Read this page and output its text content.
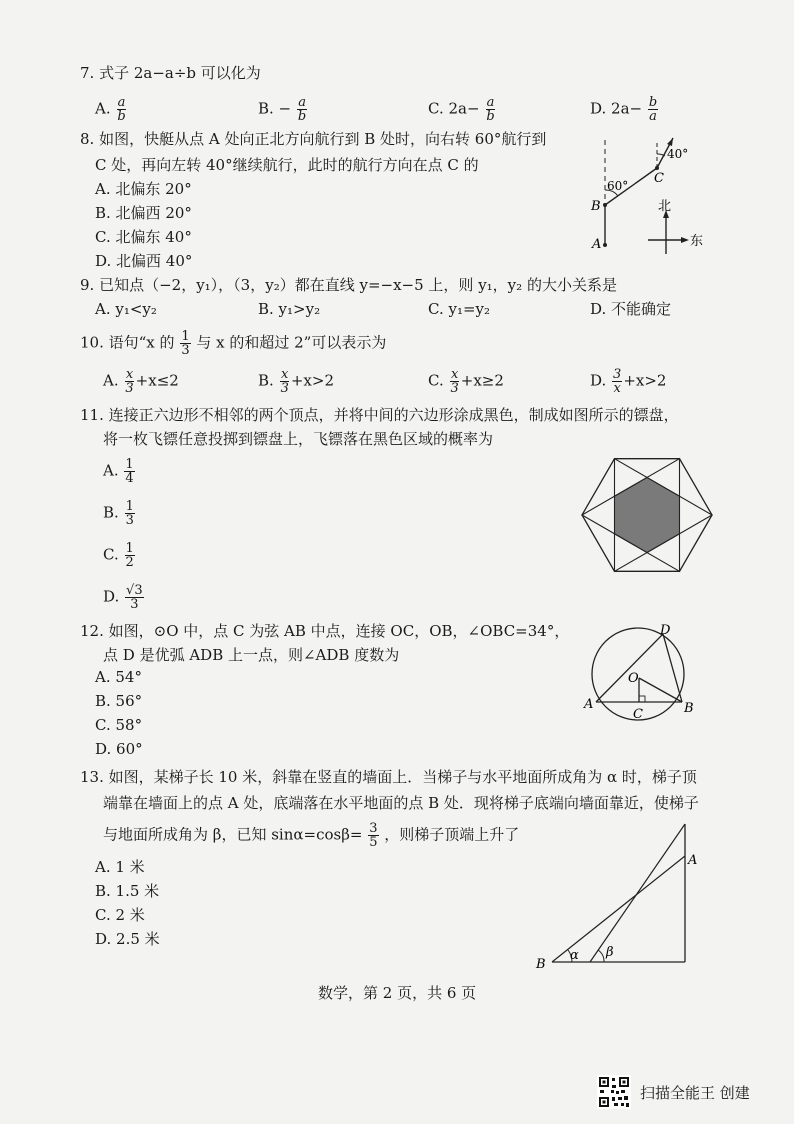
7. 式子 2a−a÷b 可以化为
A. $\frac{a}{b}$	B. − $\frac{a}{b}$	C. $2a- \frac{a}{b}$	D. $2a- \frac{b}{a}$
8. 如图，快艇从点 A 处向正北方向航行到 B 处时，向右转 60°航行到
C 处，再向左转 40°继续航行，此时的航行方向在点 C 的
A. 北偏东 20°
B. 北偏西 20°
C. 北偏东 40°
D. 北偏西 40°
A
B
C
60°
40°
北
东
9. 已知点（−2，y₁），（3，y₂）都在直线 y=−x−5 上，则 y₁，y₂ 的大小关系是
A. y₁<y₂	B. y₁>y₂	C. y₁=y₂	D. 不能确定
10. 语句“x 的 $\frac{1}{3}$ 与 x 的和超过 2”可以表示为
A. $\frac{x}{3} +x\le 2$	B. $\frac{x}{3} +x>2$	C. $\frac{x}{3} +x\ge 2$	D. $\frac{3}{x} +x>2$
11. 连接正六边形不相邻的两个顶点，并将中间的六边形涂成黑色，制成如图所示的镖盘，
将一枚飞镖任意投掷到镖盘上，飞镖落在黑色区域的概率为
A. $\frac{1}{4}$
B. $\frac{1}{3}$
C. $\frac{1}{2}$
D. $\frac{√3}{3}$
12. 如图，⊙O 中，点 C 为弦 AB 中点，连接 OC，OB，∠OBC=34°，
点 D 是优弧 ADB 上一点，则∠ADB 度数为
A. 54°
B. 56°
C. 58°
D. 60°
A	B
C
D
O
13. 如图，某梯子长 10 米，斜靠在竖直的墙面上．当梯子与水平地面所成角为 α 时，梯子顶
端靠在墙面上的点 A 处，底端落在水平地面的点 B 处．现将梯子底端向墙面靠近，使梯子
与地面所成角为 β，已知 $\sin\alpha=\cos\beta= \frac{3}{5}$ ，则梯子顶端上升了
A. 1 米
B. 1.5 米
C. 2 米
D. 2.5 米
B
A
α β
数学，第 2 页，共 6 页
扫描全能王 创建
